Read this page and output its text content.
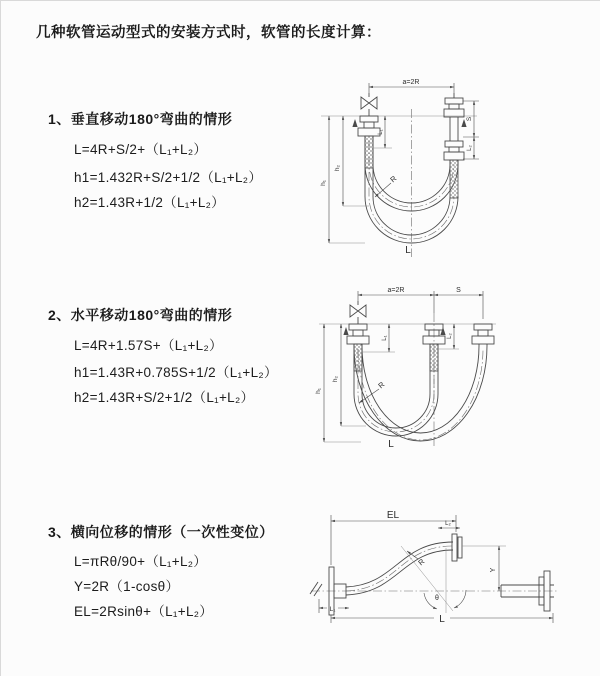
几种软管运动型式的安装方式时，软管的长度计算：
1、垂直移动180°弯曲的情形
L=4R+S/2+（L₁+L₂）
h1=1.432R+S/2+1/2（L₁+L₂）
h2=1.43R+1/2（L₁+L₂）
2、水平移动180°弯曲的情形
L=4R+1.57S+（L₁+L₂）
h1=1.43R+0.785S+1/2（L₁+L₂）
h2=1.43R+S/2+1/2（L₁+L₂）
3、横向位移的情形（一次性变位）
L=πRθ/90+（L₁+L₂）
Y=2R（1-cosθ）
EL=2Rsinθ+（L₁+L₂）
a=2R
S
L₂
h₁
h₂
L₁
R
L
a=2R	S
h₁
h₂
L₁	L₂
R
L
θ
EL
L₂
Y
L₁
L
R
